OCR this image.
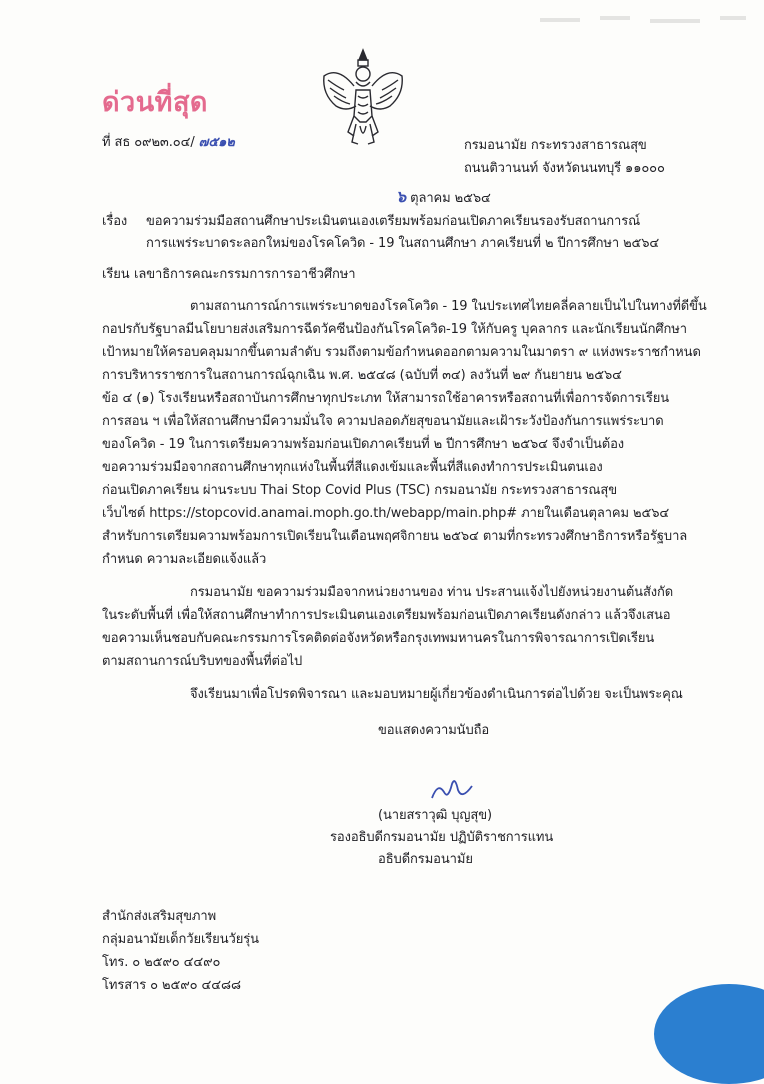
ด่วนที่สุด
ที่ สธ ๐๙๒๓.๐๔/ ๗๕๑๒	กรมอนามัย กระทรวงสาธารณสุข
ถนนติวานนท์ จังหวัดนนทบุรี ๑๑๐๐๐
๖ ตุลาคม ๒๕๖๔
เรื่อง ขอความร่วมมือสถานศึกษาประเมินตนเองเตรียมพร้อมก่อนเปิดภาคเรียนรองรับสถานการณ์
การแพร่ระบาดระลอกใหม่ของโรคโควิด - 19 ในสถานศึกษา ภาคเรียนที่ ๒ ปีการศึกษา ๒๕๖๔
เรียน เลขาธิการคณะกรรมการการอาชีวศึกษา
ตามสถานการณ์การแพร่ระบาดของโรคโควิด - 19 ในประเทศไทยคลี่คลายเป็นไปในทางที่ดีขึ้น
กอปรกับรัฐบาลมีนโยบายส่งเสริมการฉีดวัคซีนป้องกันโรคโควิด-19 ให้กับครู บุคลากร และนักเรียนนักศึกษา
เป้าหมายให้ครอบคลุมมากขึ้นตามลำดับ รวมถึงตามข้อกำหนดออกตามความในมาตรา ๙ แห่งพระราชกำหนด
การบริหารราชการในสถานการณ์ฉุกเฉิน พ.ศ. ๒๕๔๘ (ฉบับที่ ๓๔) ลงวันที่ ๒๙ กันยายน ๒๕๖๔
ข้อ ๔ (๑) โรงเรียนหรือสถาบันการศึกษาทุกประเภท ให้สามารถใช้อาคารหรือสถานที่เพื่อการจัดการเรียน
การสอน ฯ เพื่อให้สถานศึกษามีความมั่นใจ ความปลอดภัยสุขอนามัยและเฝ้าระวังป้องกันการแพร่ระบาด
ของโควิด - 19 ในการเตรียมความพร้อมก่อนเปิดภาคเรียนที่ ๒ ปีการศึกษา ๒๕๖๔ จึงจำเป็นต้อง
ขอความร่วมมือจากสถานศึกษาทุกแห่งในพื้นที่สีแดงเข้มและพื้นที่สีแดงทำการประเมินตนเอง
ก่อนเปิดภาคเรียน ผ่านระบบ Thai Stop Covid Plus (TSC) กรมอนามัย กระทรวงสาธารณสุข
เว็บไซต์ https://stopcovid.anamai.moph.go.th/webapp/main.php# ภายในเดือนตุลาคม ๒๕๖๔
สำหรับการเตรียมความพร้อมการเปิดเรียนในเดือนพฤศจิกายน ๒๕๖๔ ตามที่กระทรวงศึกษาธิการหรือรัฐบาล
กำหนด ความละเอียดแจ้งแล้ว
กรมอนามัย ขอความร่วมมือจากหน่วยงานของ ท่าน ประสานแจ้งไปยังหน่วยงานต้นสังกัด
ในระดับพื้นที่ เพื่อให้สถานศึกษาทำการประเมินตนเองเตรียมพร้อมก่อนเปิดภาคเรียนดังกล่าว แล้วจึงเสนอ
ขอความเห็นชอบกับคณะกรรมการโรคติดต่อจังหวัดหรือกรุงเทพมหานครในการพิจารณาการเปิดเรียน
ตามสถานการณ์บริบทของพื้นที่ต่อไป
จึงเรียนมาเพื่อโปรดพิจารณา และมอบหมายผู้เกี่ยวข้องดำเนินการต่อไปด้วย จะเป็นพระคุณ
ขอแสดงความนับถือ
(นายสราวุฒิ บุญสุข)
รองอธิบดีกรมอนามัย ปฏิบัติราชการแทน
อธิบดีกรมอนามัย
สำนักส่งเสริมสุขภาพ
กลุ่มอนามัยเด็กวัยเรียนวัยรุ่น
โทร. ๐ ๒๕๙๐ ๔๔๙๐
โทรสาร ๐ ๒๕๙๐ ๔๔๘๘
